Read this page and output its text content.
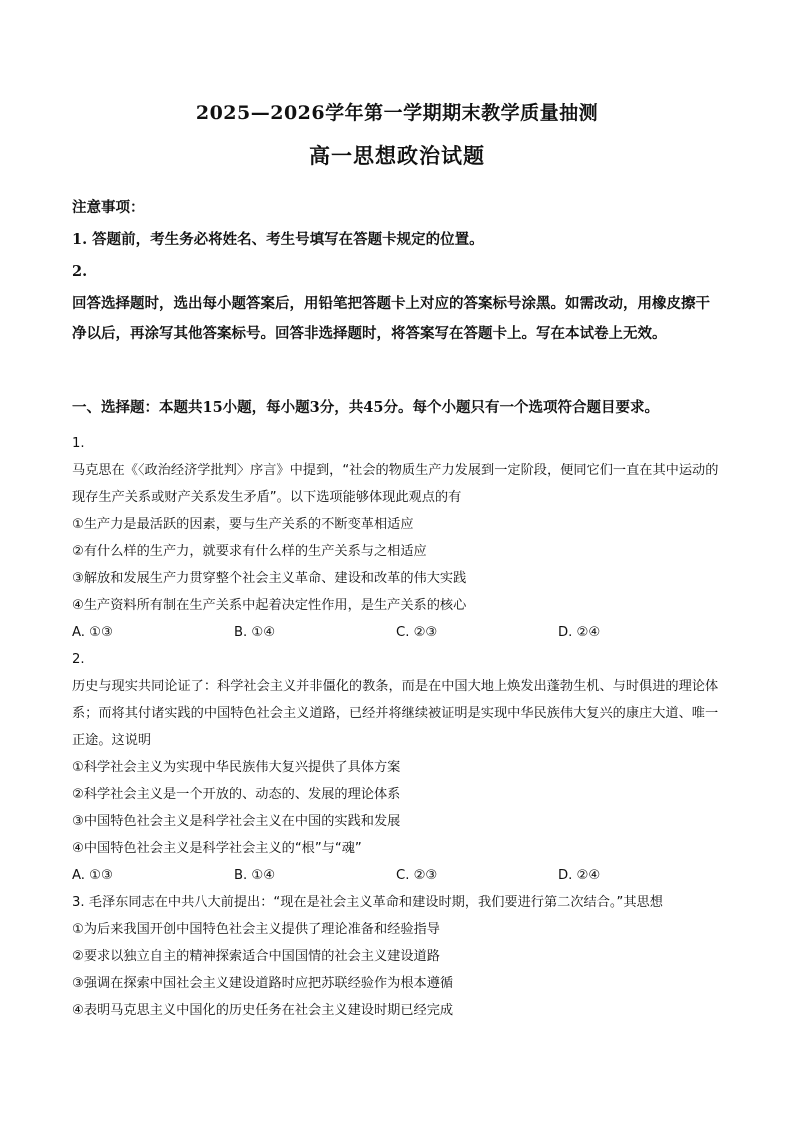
2025—2026学年第一学期期末教学质量抽测
高一思想政治试题

注意事项：

1. 答题前，考生务必将姓名、考生号填写在答题卡规定的位置。

2.

回答选择题时，选出每小题答案后，用铅笔把答题卡上对应的答案标号涂黑。如需改动，用橡皮擦干净以后，再涂写其他答案标号。回答非选择题时，将答案写在答题卡上。写在本试卷上无效。

一、选择题：本题共15小题，每小题3分，共45分。每个小题只有一个选项符合题目要求。

1.

马克思在《〈政治经济学批判〉序言》中提到，“社会的物质生产力发展到一定阶段，便同它们一直在其中运动的现存生产关系或财产关系发生矛盾”。以下选项能够体现此观点的有

①生产力是最活跃的因素，要与生产关系的不断变革相适应

②有什么样的生产力，就要求有什么样的生产关系与之相适应

③解放和发展生产力贯穿整个社会主义革命、建设和改革的伟大实践

④生产资料所有制在生产关系中起着决定性作用，是生产关系的核心

A. ①③	B. ①④	C. ②③	D. ②④

2.

历史与现实共同论证了：科学社会主义并非僵化的教条，而是在中国大地上焕发出蓬勃生机、与时俱进的理论体系；而将其付诸实践的中国特色社会主义道路，已经并将继续被证明是实现中华民族伟大复兴的康庄大道、唯一正途。这说明

①科学社会主义为实现中华民族伟大复兴提供了具体方案

②科学社会主义是一个开放的、动态的、发展的理论体系

③中国特色社会主义是科学社会主义在中国的实践和发展

④中国特色社会主义是科学社会主义的“根”与“魂”

A. ①③	B. ①④	C. ②③	D. ②④

3. 毛泽东同志在中共八大前提出：“现在是社会主义革命和建设时期，我们要进行第二次结合。”其思想

①为后来我国开创中国特色社会主义提供了理论准备和经验指导

②要求以独立自主的精神探索适合中国国情的社会主义建设道路

③强调在探索中国社会主义建设道路时应把苏联经验作为根本遵循

④表明马克思主义中国化的历史任务在社会主义建设时期已经完成
